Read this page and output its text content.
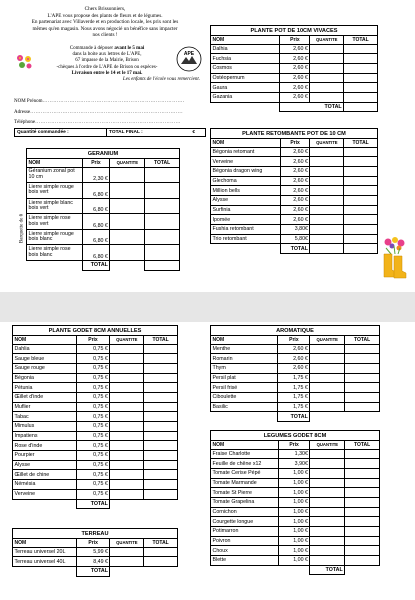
Chers Brissonniers,
L'APE vous propose des plants de fleurs et de légumes.
En partenariat avec Villaverde et en production locale, les prix sont les
mêmes qu'en magasin. Nous avons négocié un bénéfice sans impacter
nos clients !
Commande à déposer avant le 5 mai
dans la boite aux lettres de L'APE,
67 impasse de la Mairie, Brison
-chèques à l'ordre de L'APE de Brison ou espèces-
Livraison entre le 14 et le 17 mai.
Les enfants de l'école vous remercient.
APE
NOM Prénom…………………………………………………………………….
Adresse………………………………………………………………………….
Téléphone………………………………………………………………………
Quantité commandée :	TOTAL FINAL :	€
PLANTE POT DE 10CM VIVACES			
NOM	Prix	QUANTITE	TOTAL
Dalhia	2,60 €		
Fuchsia	2,60 €		
Cosmos	2,60 €		
Ostéopernum	2,60 €		
Gaura	2,60 €		
Gazania	2,60 €		
	TOTAL		
PLANTE RETOMBANTE POT DE 10 CM			
NOM	Prix	QUANTITE	TOTAL
Bégonia retomant	2,60 €		
Verveine	2,60 €		
Bégonia dragon wing	2,60 €		
Glechoma	2,60 €		
Million bells	2,60 €		
Alysse	2,60 €		
Surfinia	2,60 €		
Ipomée	2,60 €		
Fushia retombant	3,80€		
Trio retombant	5,80€		
	TOTAL		
Barquette de 6
GERANIUM			
NOM	Prix	QUANTITE	TOTAL
Géranium zonal pot 10 cm	2,30 €		
Lierre simple rouge bois vert	6,80 €		
Lierre simple blanc bois vert	6,80 €		
Lierre simple rose bois vert	6,80 €		
Lierre simple rouge bois blanc	6,80 €		
Lierre simple rose bois blanc	6,80 €		
	TOTAL		
PLANTE GODET 8CM ANNUELLES			
NOM	Prix	QUANTITE	TOTAL
Dahlia	0,75 €		
Sauge bleue	0,75 €		
Sauge rouge	0,75 €		
Bégonia	0,75 €		
Pétunia	0,75 €		
Œillet d'inde	0,75 €		
Muflier	0,75 €		
Tabac	0,75 €		
Mimulus	0,75 €		
Impatiens	0,75 €		
Rose d'inde	0,75 €		
Pourpier	0,75 €		
Alysse	0,75 €		
Œillet de chine	0,75 €		
Némésia	0,75 €		
Verveine	0,75 €		
	TOTAL		
TERREAU			
NOM	Prix	QUANTITE	TOTAL
Terreau universel 20L	5,99 €		
Terreau universel 40L	8,49 €		
	TOTAL		
AROMATIQUE			
NOM	Prix	QUANTITE	TOTAL
Menthe	2,60 €		
Romarin	2,60 €		
Thym	2,60 €		
Persil plat	1,75 €		
Persil frisé	1,75 €		
Ciboulette	1,75 €		
Basilic	1,75 €		
	TOTAL		
LEGUMES GODET 8CM			
NOM	Prix	QUANTITE	TOTAL
Fraise Charlotte	1,30€		
Feuille de chêne x12	3,90€		
Tomate Cerise Pépé	1,00 €		
Tomate Marmande	1,00 €		
Tomate St Pierre	1,00 €		
Tomate Grapelina	1,00 €		
Cornichon	1,00 €		
Courgette longue	1,00 €		
Potimarron	1,00 €		
Poivron	1,00 €		
Choux	1,00 €		
Blette	1,00 €		
		TOTAL	
